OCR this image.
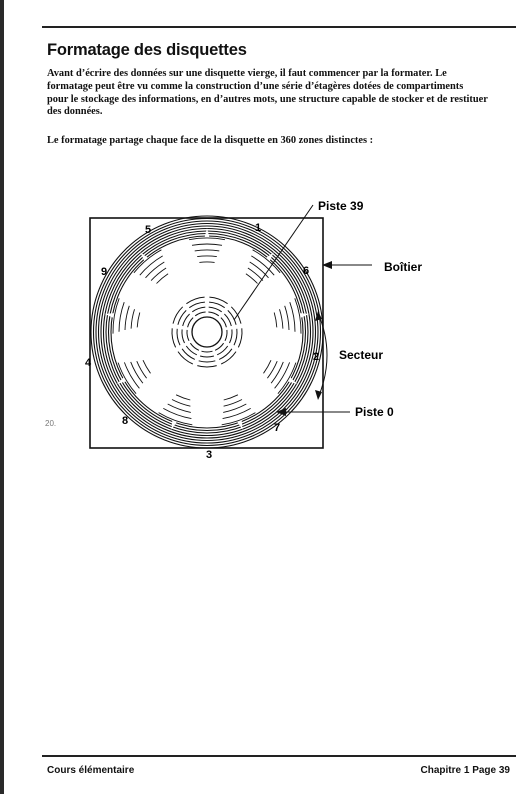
Formatage des disquettes

Avant d’écrire des données sur une disquette vierge, il faut commencer par la formater. Le
formatage peut être vu comme la construction d’une série d’étagères dotées de compartiments
pour le stockage des informations, en d’autres mots, une structure capable de stocker et de restituer
des données.

Le formatage partage chaque face de la disquette en 360 zones distinctes :

Piste 39
Boîtier
Secteur
Piste 0
1
2
3
4
5
6
7
8
9
20.
Cours élémentaire	Chapitre 1 Page 39
